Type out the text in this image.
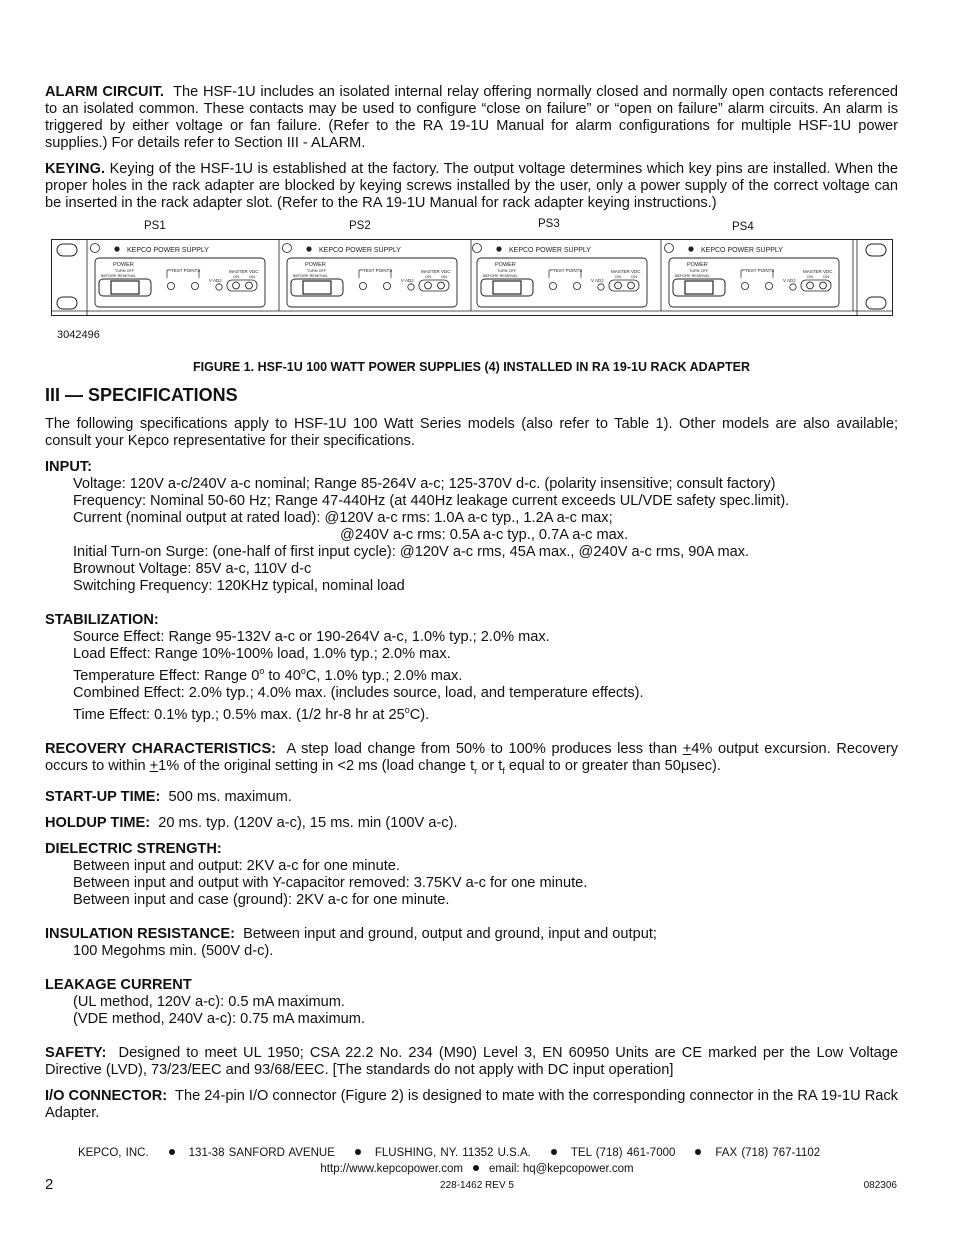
ALARM CIRCUIT. The HSF-1U includes an isolated internal relay offering normally closed and normally open contacts referenced to an isolated common. These contacts may be used to configure “close on failure” or “open on failure” alarm circuits. An alarm is triggered by either voltage or fan failure. (Refer to the RA 19-1U Manual for alarm configurations for multiple HSF-1U power supplies.) For details refer to Section III - ALARM.

KEYING. Keying of the HSF-1U is established at the factory. The output voltage determines which key pins are installed. When the proper holes in the rack adapter are blocked by keying screws installed by the user, only a power supply of the correct voltage can be inserted in the rack adapter slot. (Refer to the RA 19-1U Manual for rack adapter keying instructions.)

PS1	PS2	PS3	PS4
KEPCO POWER SUPPLY
POWER
TURN OFF
BEFORE REMOVAL
TEST POINTS
V ADJ
MASTER VDC
ON	ON
KEPCO POWER SUPPLY
POWER
TURN OFF
BEFORE REMOVAL
TEST POINTS
V ADJ
MASTER VDC
ON	ON
KEPCO POWER SUPPLY
POWER
TURN OFF
BEFORE REMOVAL
TEST POINTS
V ADJ
MASTER VDC
ON	ON
KEPCO POWER SUPPLY
POWER
TURN OFF
BEFORE REMOVAL
TEST POINTS
V ADJ
MASTER VDC
ON	ON
3042496
FIGURE 1. HSF-1U 100 WATT POWER SUPPLIES (4) INSTALLED IN RA 19-1U RACK ADAPTER
III — SPECIFICATIONS

The following specifications apply to HSF-1U 100 Watt Series models (also refer to Table 1). Other models are also available; consult your Kepco representative for their specifications.

INPUT:

Voltage: 120V a-c/240V a-c nominal; Range 85-264V a-c; 125-370V d-c. (polarity insensitive; consult factory)

Frequency: Nominal 50-60 Hz; Range 47-440Hz (at 440Hz leakage current exceeds UL/VDE safety spec.limit).

Current (nominal output at rated load): @120V a-c rms: 1.0A a-c typ., 1.2A a-c max;

@240V a-c rms: 0.5A a-c typ., 0.7A a-c max.

Initial Turn-on Surge: (one-half of first input cycle): @120V a-c rms, 45A max., @240V a-c rms, 90A max.

Brownout Voltage: 85V a-c, 110V d-c

Switching Frequency: 120KHz typical, nominal load

STABILIZATION:

Source Effect: Range 95-132V a-c or 190-264V a-c, 1.0% typ.; 2.0% max.

Load Effect: Range 10%-100% load, 1.0% typ.; 2.0% max.

Temperature Effect: Range 0$^o$ to 40$^o$C, 1.0% typ.; 2.0% max.

Combined Effect: 2.0% typ.; 4.0% max. (includes source, load, and temperature effects).

Time Effect: 0.1% typ.; 0.5% max. (1/2 hr-8 hr at 25$^o$C).

RECOVERY CHARACTERISTICS: A step load change from 50% to 100% produces less than +4% output excursion. Recovery occurs to within +1% of the original setting in <2 ms (load change $t_r$ or $t_f$ equal to or greater than 50μsec).

START-UP TIME: 500 ms. maximum.

HOLDUP TIME: 20 ms. typ. (120V a-c), 15 ms. min (100V a-c).

DIELECTRIC STRENGTH:

Between input and output: 2KV a-c for one minute.

Between input and output with Y-capacitor removed: 3.75KV a-c for one minute.

Between input and case (ground): 2KV a-c for one minute.

INSULATION RESISTANCE: Between input and ground, output and ground, input and output;

100 Megohms min. (500V d-c).

LEAKAGE CURRENT

(UL method, 120V a-c): 0.5 mA maximum.

(VDE method, 240V a-c): 0.75 mA maximum.

SAFETY: Designed to meet UL 1950; CSA 22.2 No. 234 (M90) Level 3, EN 60950 Units are CE marked per the Low Voltage Directive (LVD), 73/23/EEC and 93/68/EEC. [The standards do not apply with DC input operation]

I/O CONNECTOR: The 24-pin I/O connector (Figure 2) is designed to mate with the corresponding connector in the RA 19-1U Rack Adapter.

KEPCO, INC.	131-38 SANFORD AVENUE	FLUSHING, NY. 11352 U.S.A.	TEL (718) 461-7000	FAX (718) 767-1102
http://www.kepcopower.com email: hq@kepcopower.com
2	228-1462 REV 5	082306
